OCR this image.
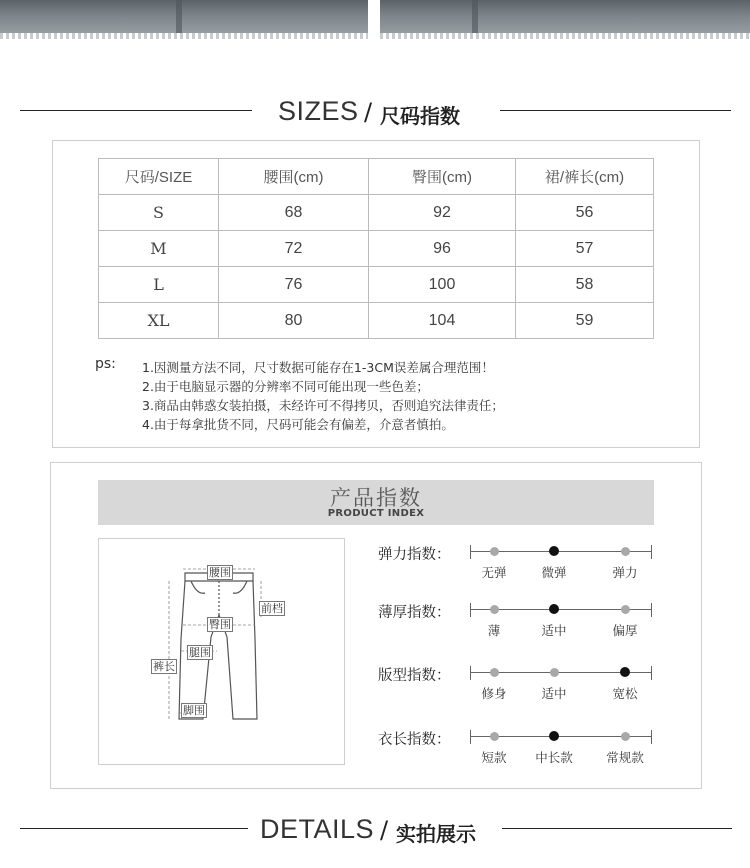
SIZES / 尺码指数
尺码/SIZE	腰围(cm)	臀围(cm)	裙/裤长(cm)
S	68	92	56
M	72	96	57
L	76	100	58
XL	80	104	59
ps: 1.因测量方法不同，尺寸数据可能存在1-3CM误差属合理范围！
2.由于电脑显示器的分辨率不同可能出现一些色差；
3.商品由韩惑女装拍摄，未经许可不得拷贝，否则追究法律责任；
4.由于每拿批货不同，尺码可能会有偏差，介意者慎拍。
产品指数
PRODUCT INDEX
腰围
前档
臀围
腿围
裤长
脚围
弹力指数：
无弹	微弹	弹力
薄厚指数：
薄	适中	偏厚
版型指数：
修身	适中	宽松
衣长指数：
短款	中长款	常规款
DETAILS / 实拍展示
